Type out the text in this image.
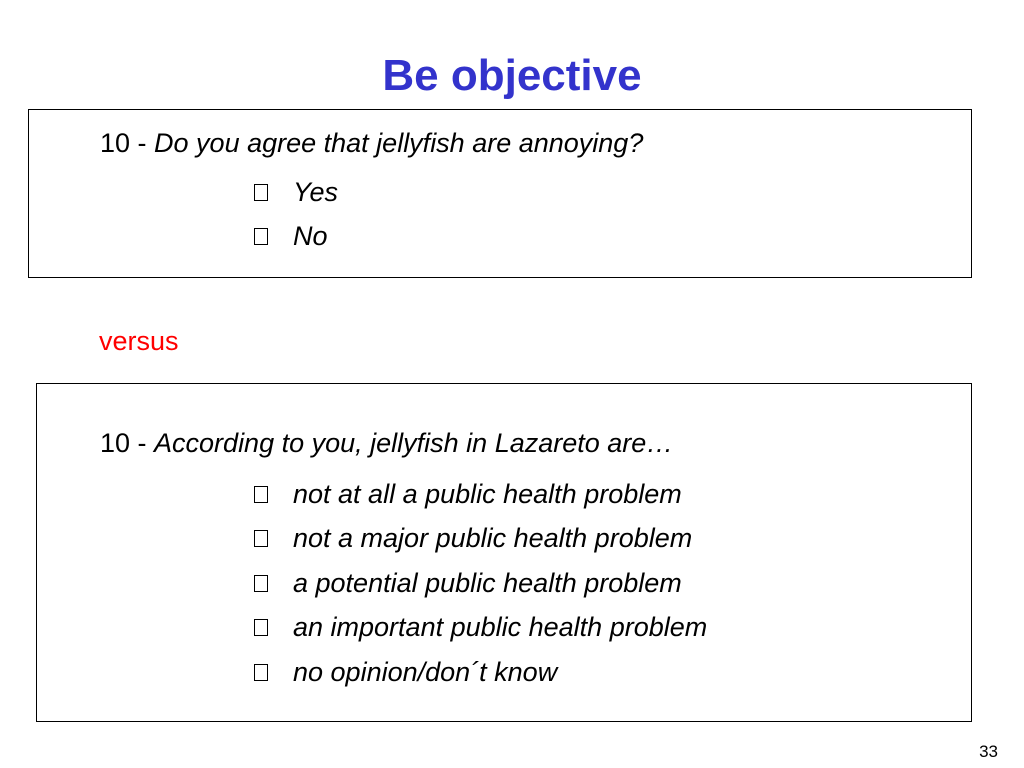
Be objective
10 - Do you agree that jellyfish are annoying?
Yes
No
versus
10 - According to you, jellyfish in Lazareto are…
not at all a public health problem
not a major public health problem
a potential public health problem
an important public health problem
no opinion/don´t know
33
